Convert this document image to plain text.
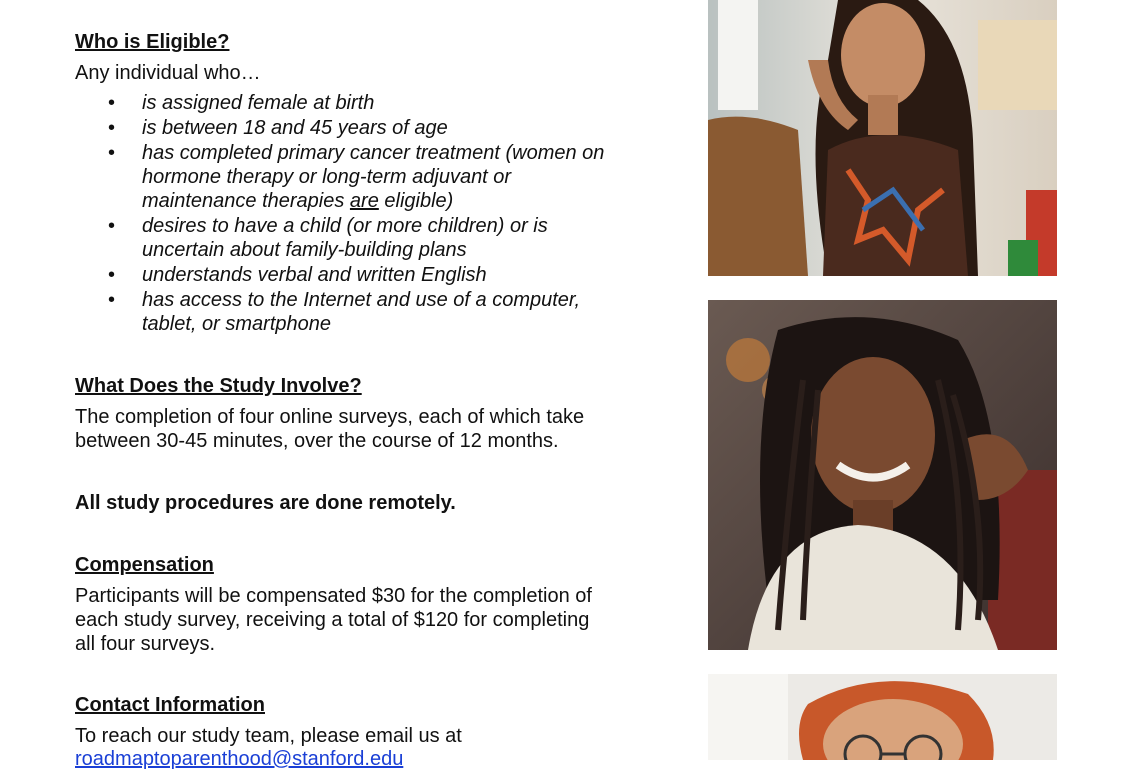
Who is Eligible?

Any individual who…

• is assigned female at birth
• is between 18 and 45 years of age
• has completed primary cancer treatment (women on
hormone therapy or long-term adjuvant or
maintenance therapies are eligible)
• desires to have a child (or more children) or is
uncertain about family-building plans
• understands verbal and written English
• has access to the Internet and use of a computer,
tablet, or smartphone
What Does the Study Involve?

The completion of four online surveys, each of which take

between 30-45 minutes, over the course of 12 months.

All study procedures are done remotely.

Compensation

Participants will be compensated $30 for the completion of

each study survey, receiving a total of $120 for completing

all four surveys.

Contact Information

To reach our study team, please email us at

roadmaptoparenthood@stanford.edu
